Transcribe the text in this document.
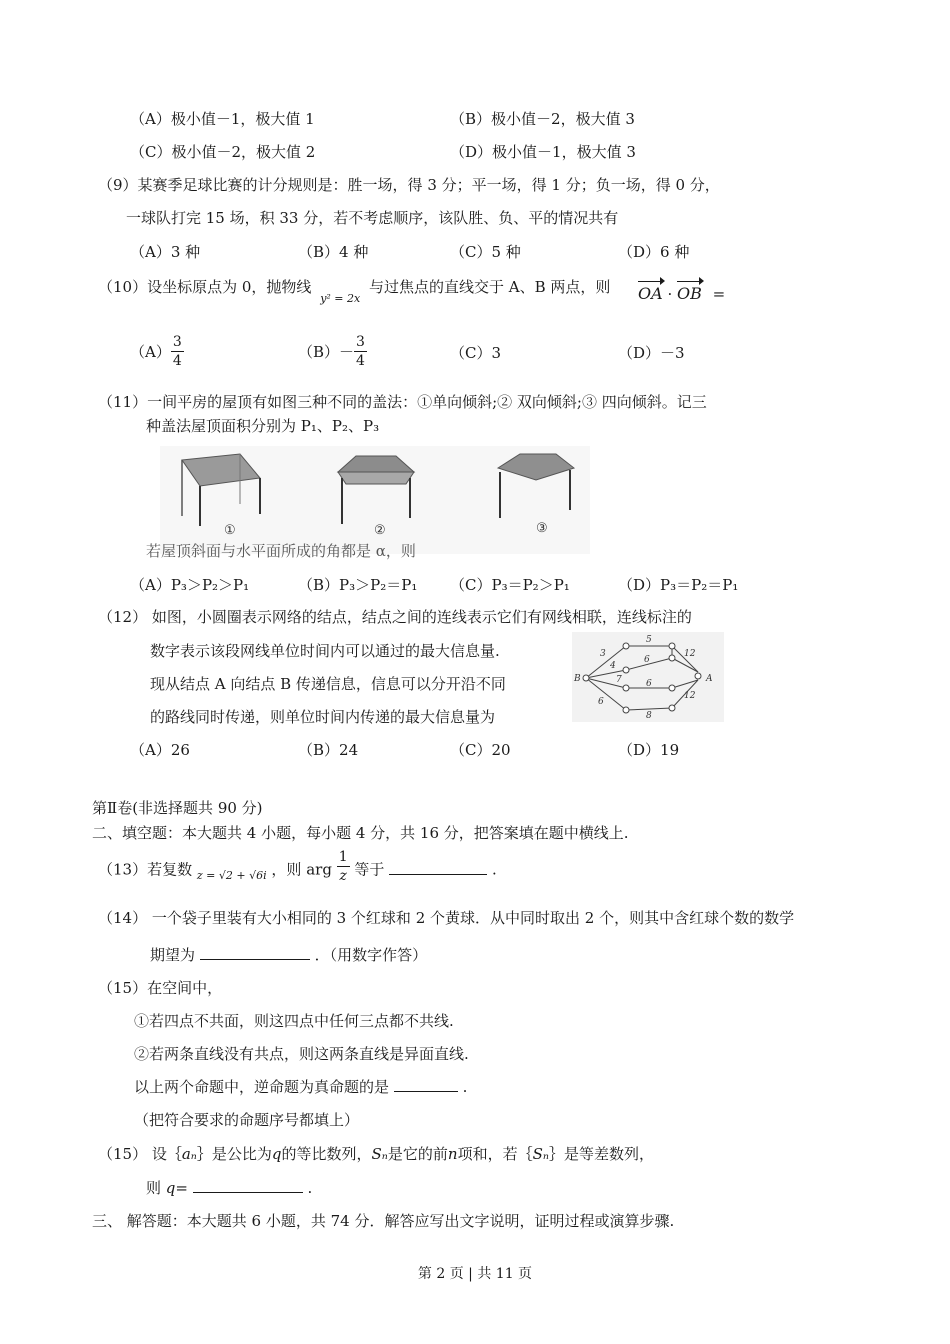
（A）极小值－1，极大值 1	（B）极小值－2，极大值 3
（C）极小值－2，极大值 2	（D）极小值－1，极大值 3
（9）某赛季足球比赛的计分规则是：胜一场，得 3 分；平一场，得 1 分；负一场，得 0 分，
一球队打完 15 场，积 33 分，若不考虑顺序，该队胜、负、平的情况共有
（A）3 种	（B）4 种	（C）5 种	（D）6 种
（10）设坐标原点为 0，抛物线 $_{y^2 = 2x}$ 与过焦点的直线交于 A、B 两点，则 OA · OB =
$(A) \frac{3}{4}$	$(B)- \frac{3}{4}$	（C）3	（D）－3
（11）一间平房的屋顶有如图三种不同的盖法：①单向倾斜;② 双向倾斜;③ 四向倾斜。记三
种盖法屋顶面积分别为 P₁、P₂、P₃
①	②	③
若屋顶斜面与水平面所成的角都是 α，则
（A）P₃＞P₂＞P₁	（B）P₃＞P₂＝P₁ （C）P₃＝P₂＞P₁	（D）P₃＝P₂＝P₁
（12） 如图，小圆圈表示网络的结点，结点之间的连线表示它们有网线相联，连线标注的
数字表示该段网线单位时间内可以通过的最大信息量.
现从结点 A 向结点 B 传递信息，信息可以分开沿不同
的路线同时传递，则单位时间内传递的最大信息量为
B	A
3
5
4
6
12
7	6
6
12
8
（A）26	（B）24	（C）20	（D）19
第Ⅱ卷(非选择题共 90 分)
二、填空题：本大题共 4 小题，每小题 4 分，共 16 分，把答案填在题中横线上.
（13）若复数 $_{z = √2 + √6i}$ ，则 arg $\frac{1}{z}$ 等于	.
（14） 一个袋子里装有大小相同的 3 个红球和 2 个黄球．从中同时取出 2 个，则其中含红球个数的数学
期望为	．（用数字作答）
（15）在空间中，
①若四点不共面，则这四点中任何三点都不共线.
②若两条直线没有共点，则这两条直线是异面直线.
以上两个命题中，逆命题为真命题的是	.
（把符合要求的命题序号都填上）
（15） 设｛aₙ｝是公比为q的等比数列，Sₙ是它的前n项和，若｛Sₙ｝是等差数列，
则 q=	.
三、 解答题：本大题共 6 小题，共 74 分．解答应写出文字说明，证明过程或演算步骤.
第 2 页 | 共 11 页
